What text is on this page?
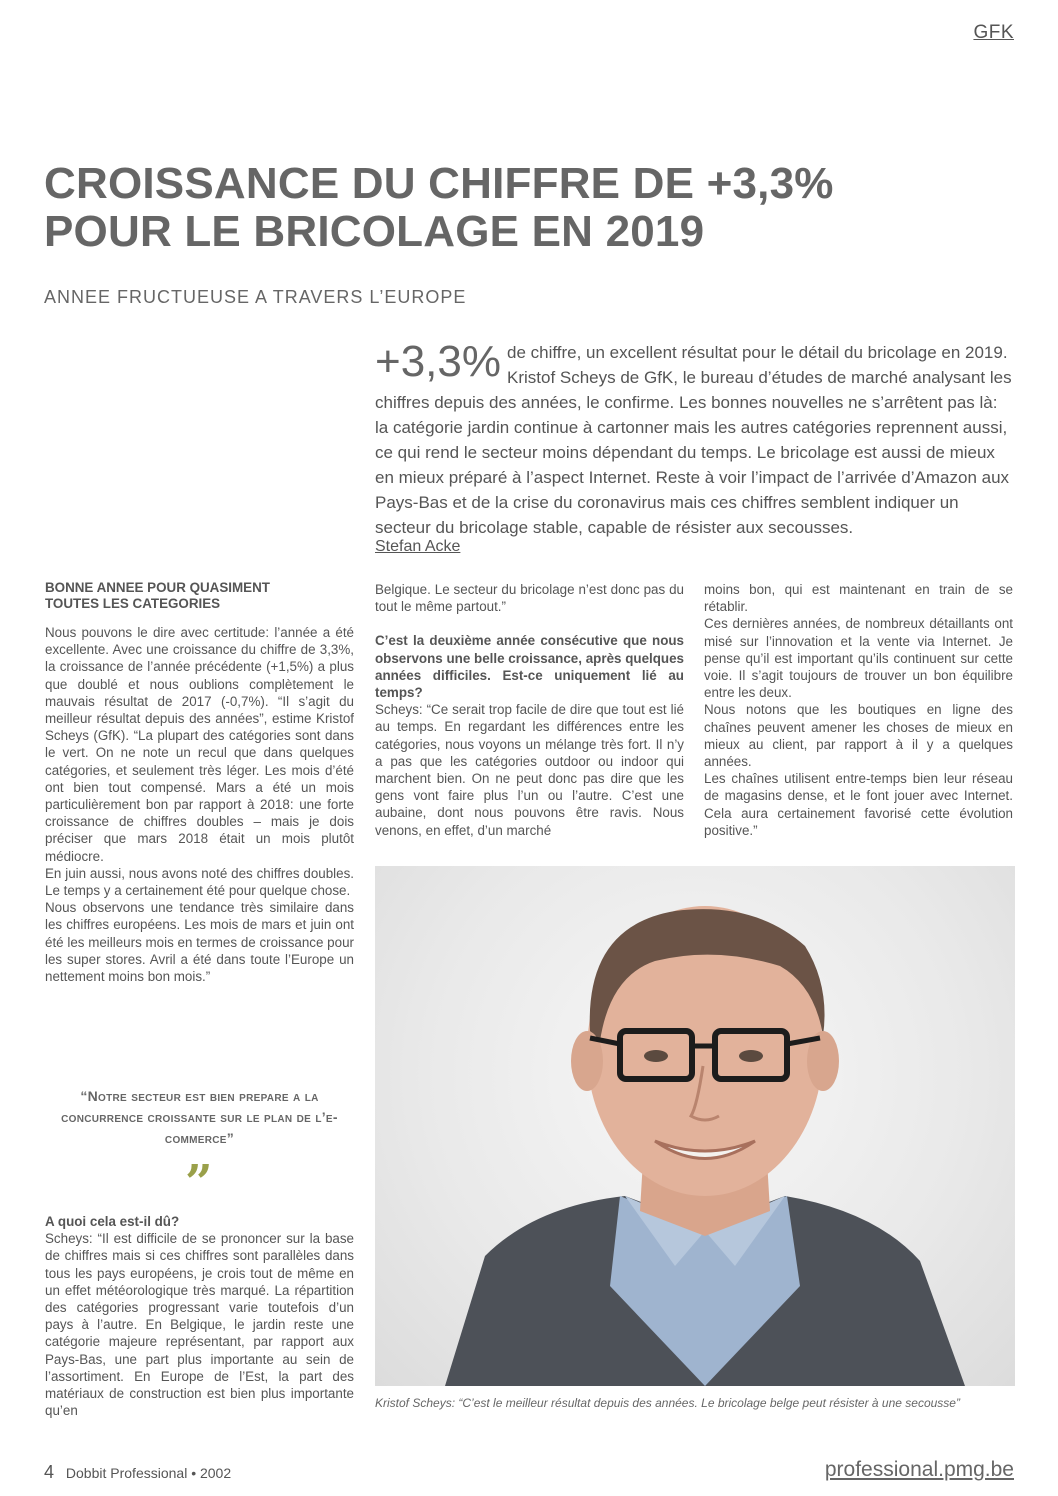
GFK
CROISSANCE DU CHIFFRE DE +3,3%
POUR LE BRICOLAGE EN 2019
ANNEE FRUCTUEUSE A TRAVERS L’EUROPE
+3,3% de chiffre, un excellent résultat pour le détail du bricolage en 2019. Kristof Scheys de GfK, le bureau d’études de marché analysant les chiffres depuis des années, le confirme. Les bonnes nouvelles ne s’arrêtent pas là: la catégorie jardin continue à cartonner mais les autres catégories reprennent aussi, ce qui rend le secteur moins dépendant du temps. Le bricolage est aussi de mieux en mieux préparé à l’aspect Internet. Reste à voir l’impact de l’arrivée d’Amazon aux Pays-Bas et de la crise du coronavirus mais ces chiffres semblent indiquer un secteur du bricolage stable, capable de résister aux secousses.
Stefan Acke
BONNE ANNEE POUR QUASIMENT
TOUTES LES CATEGORIES

Nous pouvons le dire avec certitude: l’année a été excellente. Avec une croissance du chiffre de 3,3%, la croissance de l’année précédente (+1,5%) a plus que doublé et nous oublions complètement le mauvais résultat de 2017 (-0,7%). “Il s’agit du meilleur résultat depuis des années”, estime Kristof Scheys (GfK). “La plupart des catégories sont dans le vert. On ne note un recul que dans quelques catégories, et seulement très léger. Les mois d’été ont bien tout compensé. Mars a été un mois particulièrement bon par rapport à 2018: une forte croissance de chiffres doubles – mais je dois préciser que mars 2018 était un mois plutôt médiocre.

En juin aussi, nous avons noté des chiffres doubles. Le temps y a certainement été pour quelque chose.

Nous observons une tendance très similaire dans les chiffres européens. Les mois de mars et juin ont été les meilleurs mois en termes de croissance pour les super stores. Avril a été dans toute l’Europe un nettement moins bon mois.”

“Notre secteur est bien prepare a la concurrence croissante sur le plan de l’e-commerce”
”

A quoi cela est-il dû?

Scheys: “Il est difficile de se prononcer sur la base de chiffres mais si ces chiffres sont parallèles dans tous les pays européens, je crois tout de même en un effet météorologique très marqué. La répartition des catégories progressant varie toutefois d’un pays à l’autre. En Belgique, le jardin reste une catégorie majeure représentant, par rapport aux Pays-Bas, une part plus importante au sein de l’assortiment. En Europe de l’Est, la part des matériaux de construction est bien plus importante qu’en

Belgique. Le secteur du bricolage n’est donc pas du tout le même partout.”

C’est la deuxième année consécutive que nous observons une belle croissance, après quelques années difficiles. Est-ce uniquement lié au temps?

Scheys: “Ce serait trop facile de dire que tout est lié au temps. En regardant les différences entre les catégories, nous voyons un mélange très fort. Il n’y a pas que les catégories outdoor ou indoor qui marchent bien. On ne peut donc pas dire que les gens vont faire plus l’un ou l’autre. C’est une aubaine, dont nous pouvons être ravis. Nous venons, en effet, d’un marché

moins bon, qui est maintenant en train de se rétablir.

Ces dernières années, de nombreux détaillants ont misé sur l’innovation et la vente via Internet. Je pense qu’il est important qu’ils continuent sur cette voie. Il s’agit toujours de trouver un bon équilibre entre les deux.

Nous notons que les boutiques en ligne des chaînes peuvent amener les choses de mieux en mieux au client, par rapport à il y a quelques années.

Les chaînes utilisent entre-temps bien leur réseau de magasins dense, et le font jouer avec Internet. Cela aura certainement favorisé cette évolution positive.”

Kristof Scheys: “C’est le meilleur résultat depuis des années. Le bricolage belge peut résister à une secousse”
4 Dobbit Professional • 2002	professional.pmg.be
